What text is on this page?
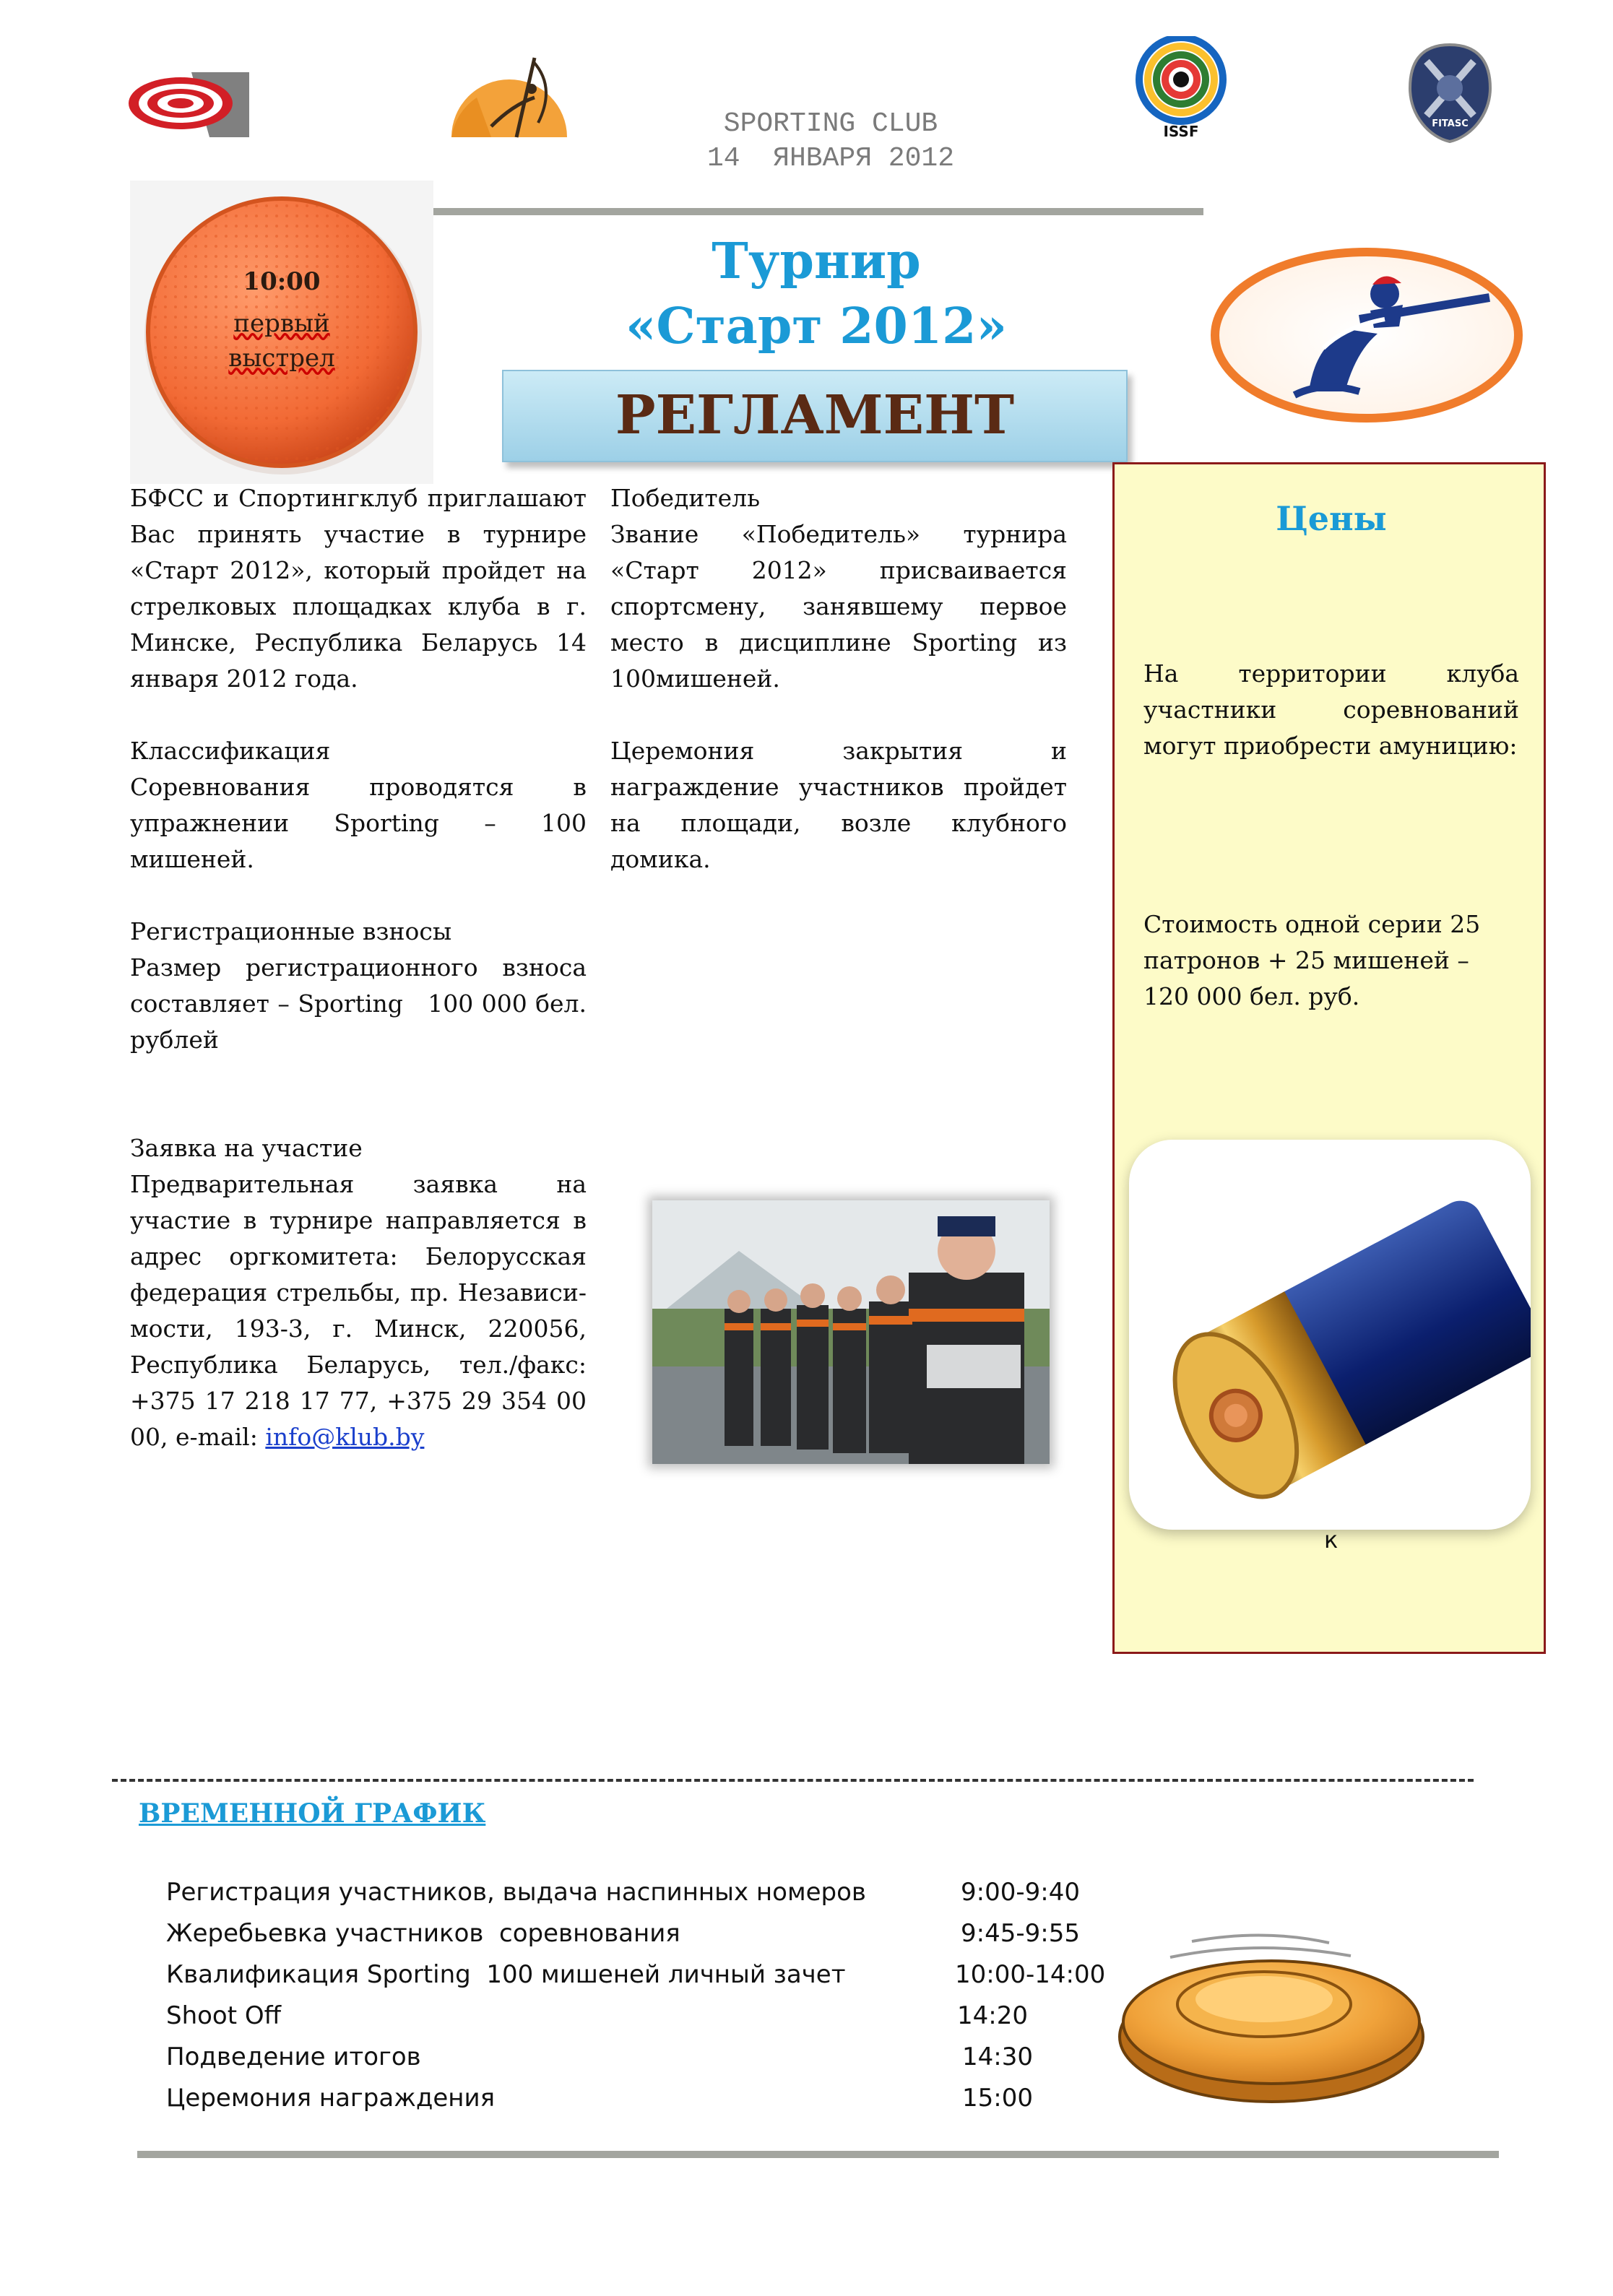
ISSF	FITASC
SPORTING CLUB
14  ЯНВАРЯ 2012
10:00
первый
выстрел
Турнир
«Старт 2012»
РЕГЛАМЕНТ

БФСС и Спортингклуб приглашают Вас принять участие в турнире «Старт 2012», который пройдет на стрелковых площадках клуба в г. Минске, Республика Беларусь 14 января 2012 года.

Классификация
Соревнования проводятся в упражнении Sporting – 100 мишеней.

Регистрационные взносы
Размер регистрационного взноса составляет – Sporting   100 000 бел. рублей

Заявка на участие
Предварительная заявка на участие в турнире направляется в адрес оргкомитета: Белорусская федерация стрельбы, пр. Независи-мости, 193-3, г. Минск, 220056, Республика Беларусь, тел./факс: +375 17 218 17 77, +375 29 354 00 00, e-mail: info@klub.by

Победитель
Звание «Победитель» турнира «Старт 2012» присваивается спортсмену, занявшему первое место в дисциплине Sporting из 100мишеней.

Церемония закрытия и награждение участников пройдет на площади, возле клубного домика.

Цены
На территории клуба участники соревнований могут приобрести амуницию:
Стоимость одной серии 25 патронов + 25 мишеней – 120 000 бел. руб.
к
ВРЕМЕННОЙ ГРАФИК
Регистрация участников, выдача наспинных номеров	9:00-9:40
Жеребьевка участников  соревнования	9:45-9:55
Квалификация Sporting  100 мишеней личный зачет	10:00-14:00
Shoot Off	14:20
Подведение итогов	14:30
Церемония награждения	15:00
